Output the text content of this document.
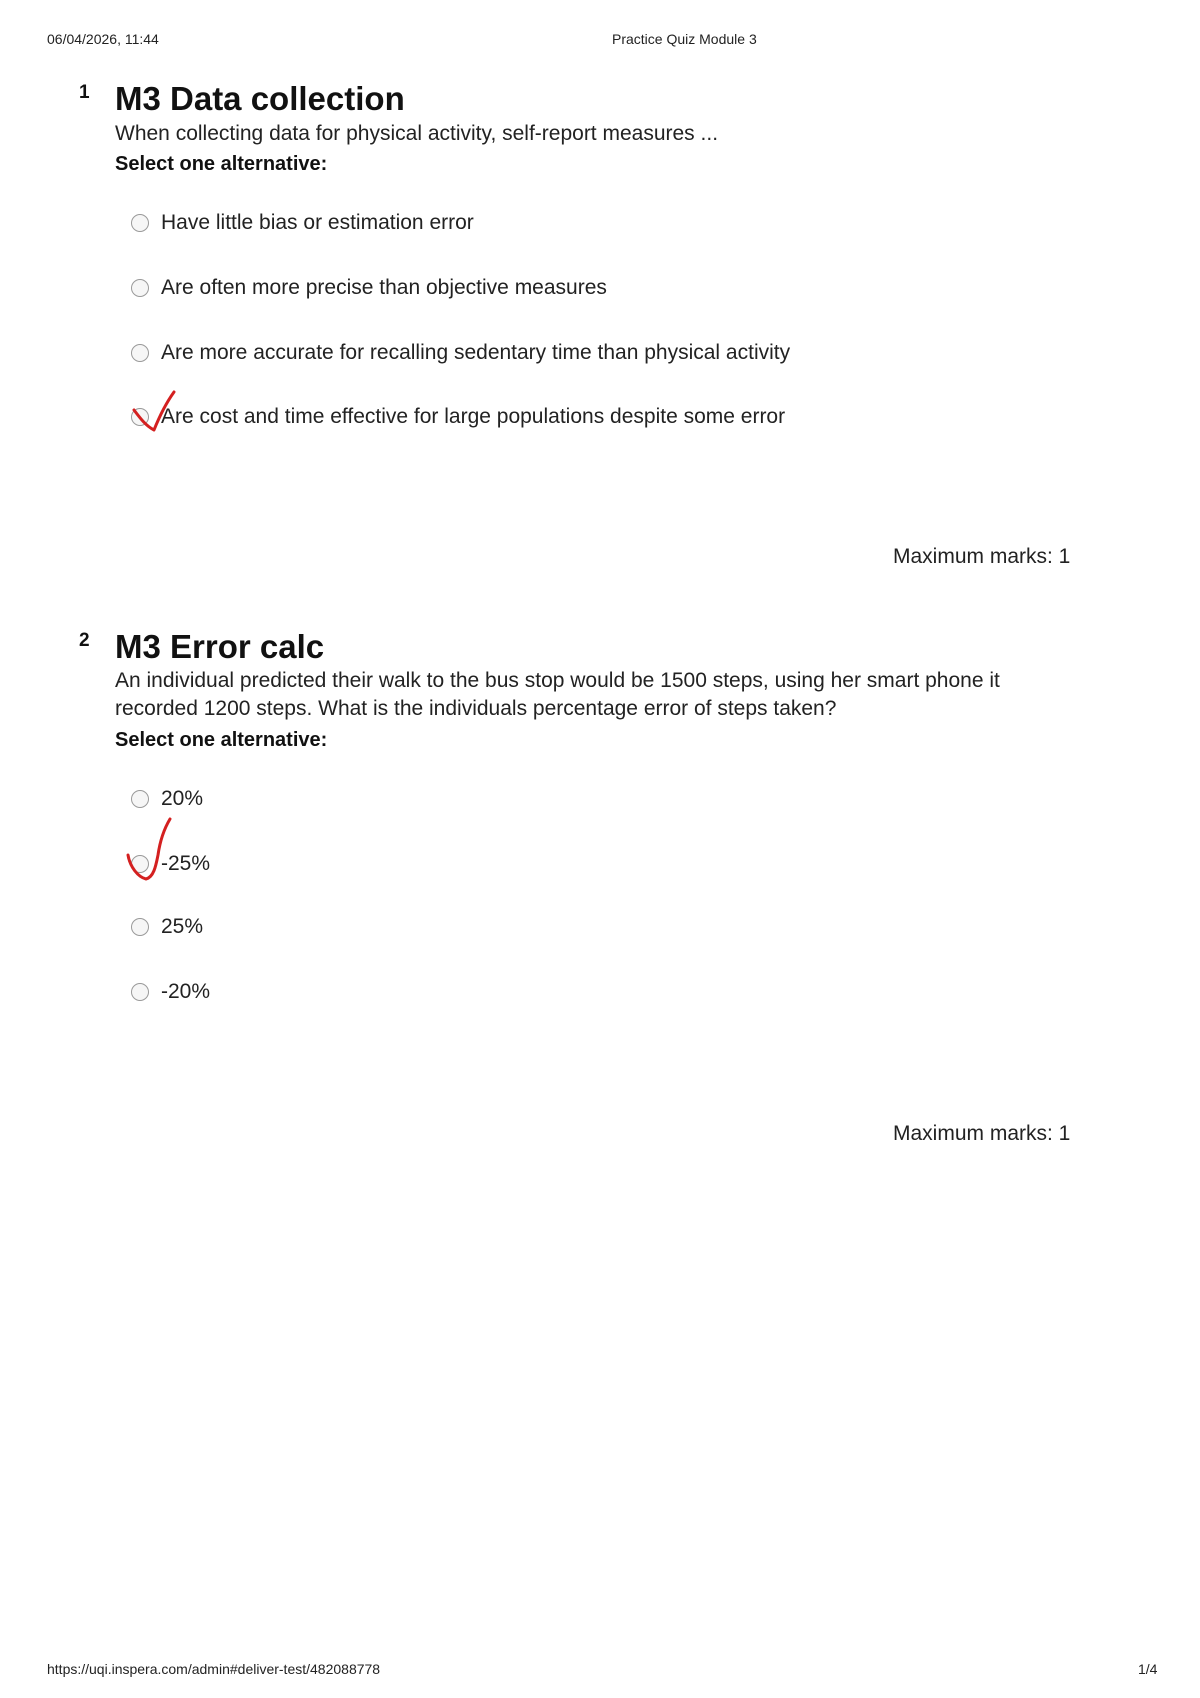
06/04/2026, 11:44	Practice Quiz Module 3
1 M3 Data collection

When collecting data for physical activity, self-report measures ...

Select one alternative:
Have little bias or estimation error
Are often more precise than objective measures
Are more accurate for recalling sedentary time than physical activity
Are cost and time effective for large populations despite some error
Maximum marks: 1
2 M3 Error calc

An individual predicted their walk to the bus stop would be 1500 steps, using her smart phone it recorded 1200 steps. What is the individuals percentage error of steps taken?

Select one alternative:
20%
-25%
25%
-20%
Maximum marks: 1
https://uqi.inspera.com/admin#deliver-test/482088778	1/4
